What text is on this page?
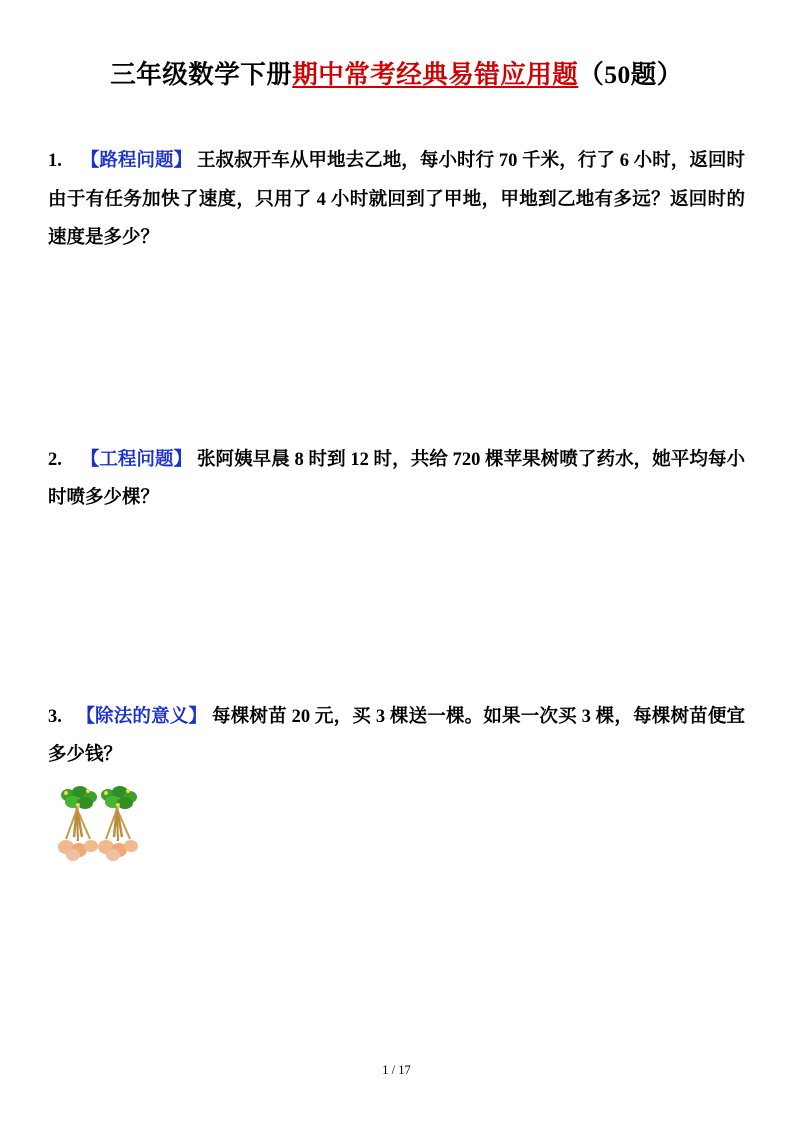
三年级数学下册期中常考经典易错应用题（50题）
1. 【路程问题】 王叔叔开车从甲地去乙地，每小时行 70 千米，行了 6 小时，返回时由于有任务加快了速度，只用了 4 小时就回到了甲地，甲地到乙地有多远？返回时的速度是多少？
2. 【工程问题】 张阿姨早晨 8 时到 12 时，共给 720 棵苹果树喷了药水，她平均每小时喷多少棵？
3. 【除法的意义】 每棵树苗 20 元，买 3 棵送一棵。如果一次买 3 棵，每棵树苗便宜多少钱？
1 / 17
